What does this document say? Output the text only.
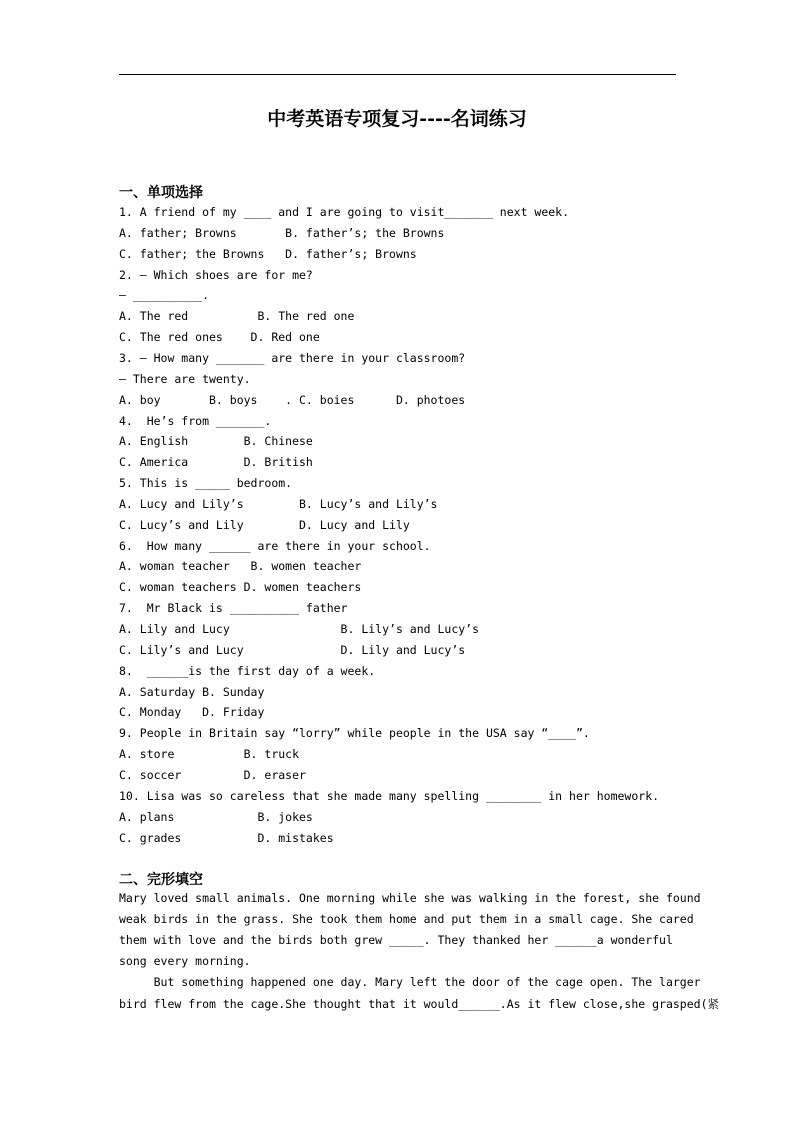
中考英语专项复习----名词练习
一、单项选择
1. A friend of my ____ and I are going to visit_______ next week.
A. father; Browns       B. father’s; the Browns
C. father; the Browns   D. father’s; Browns
2. – Which shoes are for me?
– __________.
A. The red          B. The red one
C. The red ones    D. Red one
3. – How many _______ are there in your classroom?
– There are twenty.
A. boy       B. boys    . C. boies      D. photoes
4.  He’s from _______.
A. English        B. Chinese
C. America        D. British
5. This is _____ bedroom.
A. Lucy and Lily’s        B. Lucy’s and Lily’s
C. Lucy’s and Lily        D. Lucy and Lily
6.  How many ______ are there in your school.
A. woman teacher   B. women teacher
C. woman teachers D. women teachers
7.  Mr Black is __________ father
A. Lily and Lucy                B. Lily’s and Lucy’s
C. Lily’s and Lucy              D. Lily and Lucy’s
8.  ______is the first day of a week.
A. Saturday B. Sunday
C. Monday   D. Friday
9. People in Britain say “lorry” while people in the USA say “____”.
A. store          B. truck
C. soccer         D. eraser
10. Lisa was so careless that she made many spelling ________ in her homework.
A. plans            B. jokes
C. grades           D. mistakes
二、完形填空
Mary loved small animals. One morning while she was walking in the forest, she found
weak birds in the grass. She took them home and put them in a small cage. She cared
them with love and the birds both grew _____. They thanked her ______a wonderful
song every morning.
But something happened one day. Mary left the door of the cage open. The larger
bird flew from the cage.She thought that it would______.As it flew close,she grasped(紧
